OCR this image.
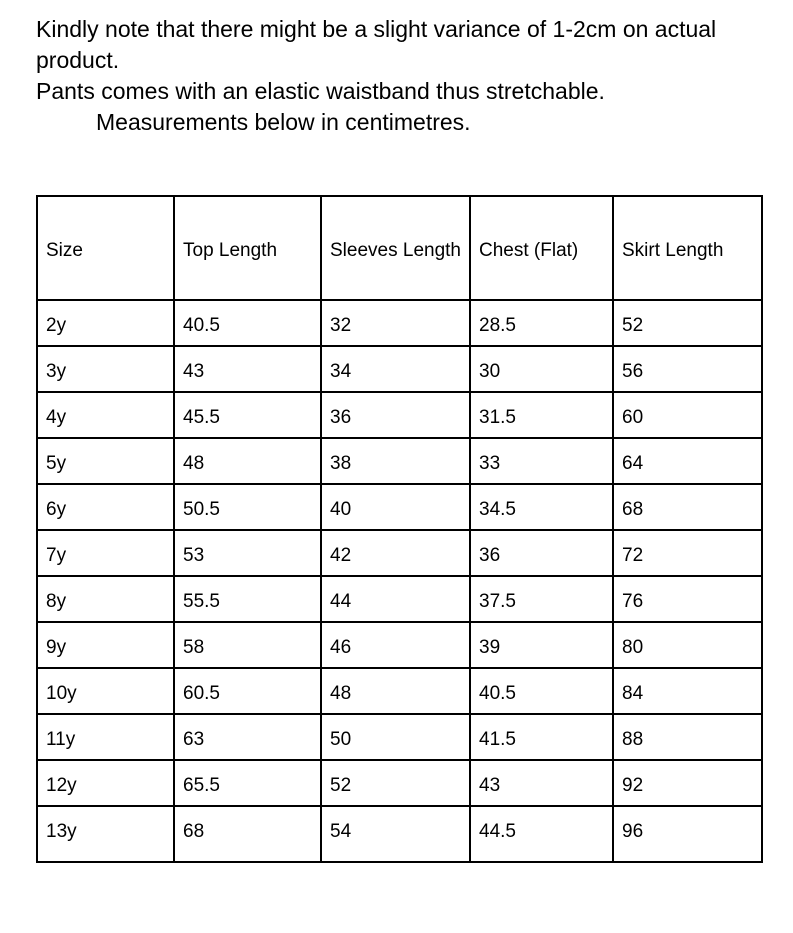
Kindly note that there might be a slight variance of 1-2cm on actual product.

Pants comes with an elastic waistband thus stretchable.

Measurements below in centimetres.

Size	Top Length	Sleeves Length	Chest (Flat)	Skirt Length
2y	40.5	32	28.5	52
3y	43	34	30	56
4y	45.5	36	31.5	60
5y	48	38	33	64
6y	50.5	40	34.5	68
7y	53	42	36	72
8y	55.5	44	37.5	76
9y	58	46	39	80
10y	60.5	48	40.5	84
11y	63	50	41.5	88
12y	65.5	52	43	92
13y	68	54	44.5	96
